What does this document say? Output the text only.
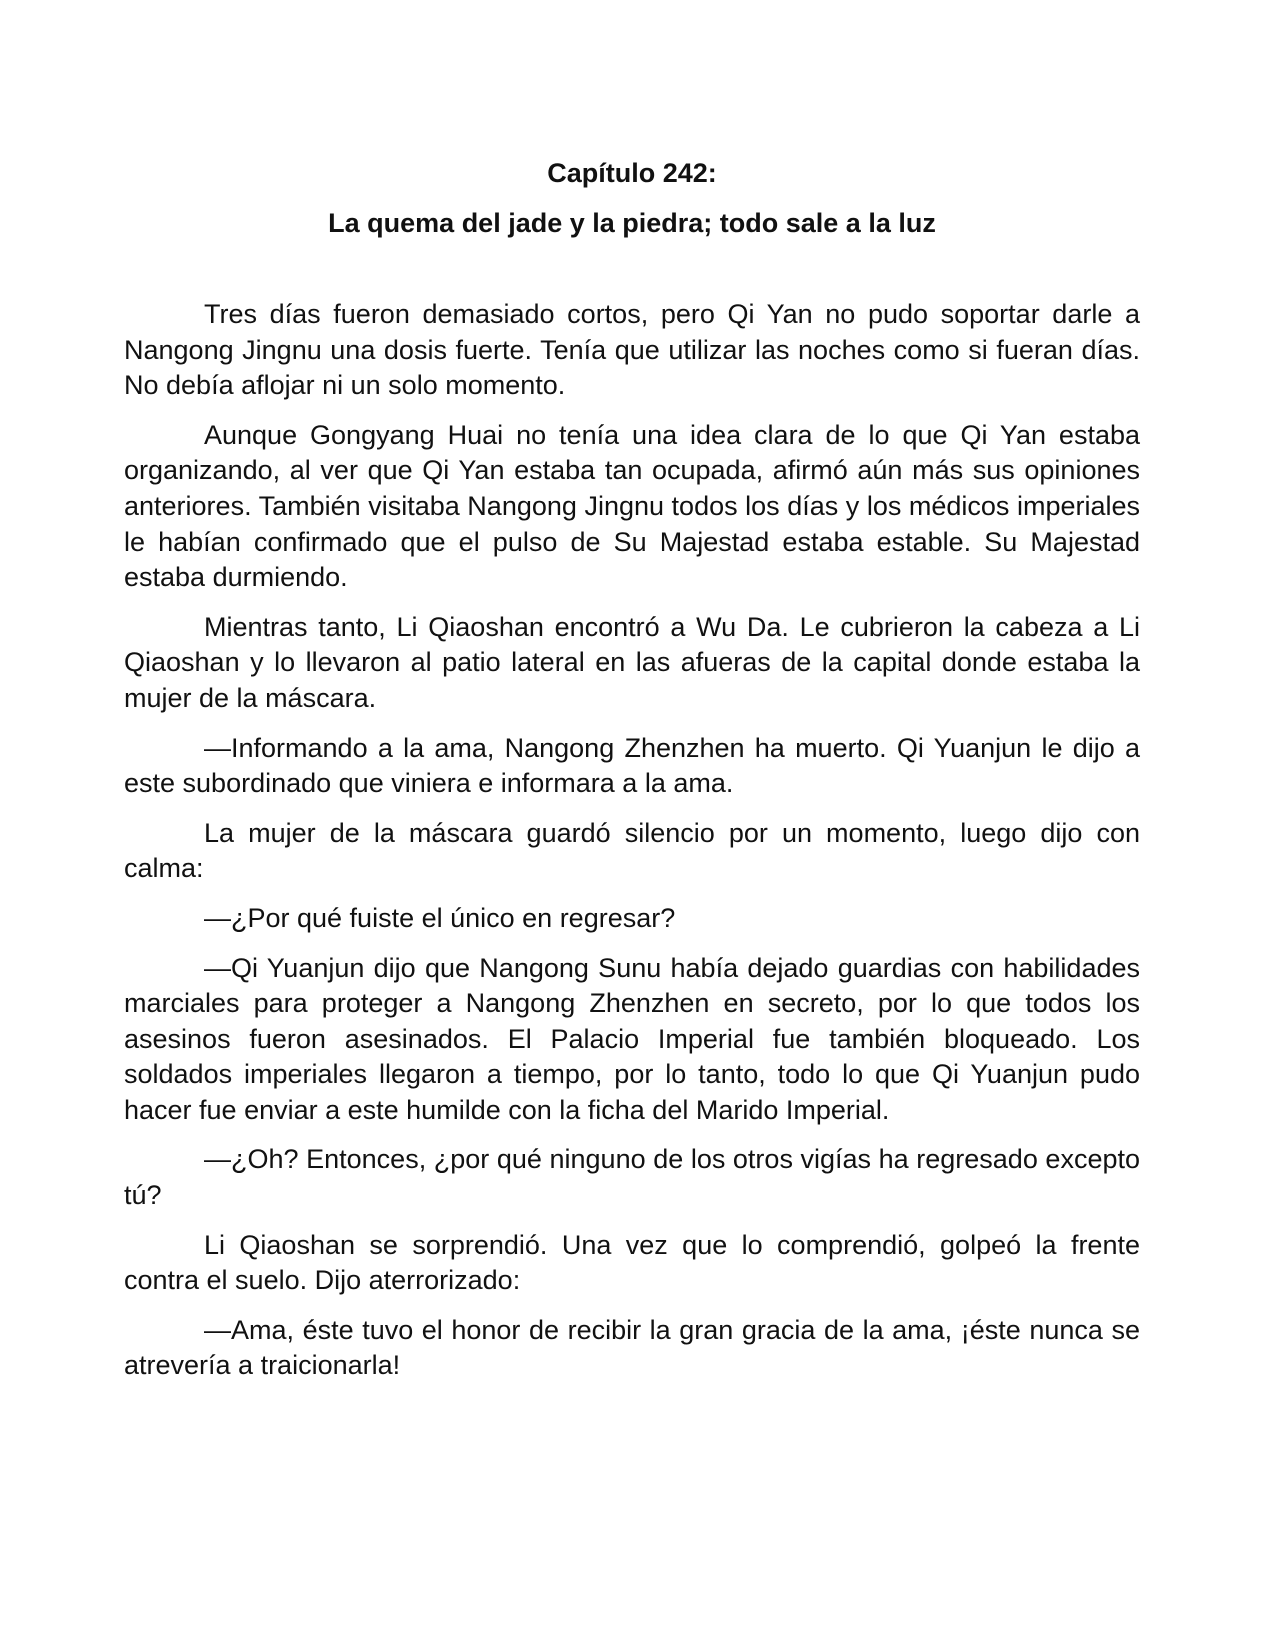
Capítulo 242:
La quema del jade y la piedra; todo sale a la luz

Tres días fueron demasiado cortos, pero Qi Yan no pudo soportar darle a Nangong Jingnu una dosis fuerte. Tenía que utilizar las noches como si fueran días. No debía aflojar ni un solo momento.

Aunque Gongyang Huai no tenía una idea clara de lo que Qi Yan estaba organizando, al ver que Qi Yan estaba tan ocupada, afirmó aún más sus opiniones anteriores. También visitaba Nangong Jingnu todos los días y los médicos imperiales le habían confirmado que el pulso de Su Majestad estaba estable. Su Majestad estaba durmiendo.

Mientras tanto, Li Qiaoshan encontró a Wu Da. Le cubrieron la cabeza a Li Qiaoshan y lo llevaron al patio lateral en las afueras de la capital donde estaba la mujer de la máscara.

—Informando a la ama, Nangong Zhenzhen ha muerto. Qi Yuanjun le dijo a este subordinado que viniera e informara a la ama.

La mujer de la máscara guardó silencio por un momento, luego dijo con calma:

—¿Por qué fuiste el único en regresar?

—Qi Yuanjun dijo que Nangong Sunu había dejado guardias con habilidades marciales para proteger a Nangong Zhenzhen en secreto, por lo que todos los asesinos fueron asesinados. El Palacio Imperial fue también bloqueado. Los soldados imperiales llegaron a tiempo, por lo tanto, todo lo que Qi Yuanjun pudo hacer fue enviar a este humilde con la ficha del Marido Imperial.

—¿Oh? Entonces, ¿por qué ninguno de los otros vigías ha regresado excepto tú?

Li Qiaoshan se sorprendió. Una vez que lo comprendió, golpeó la frente contra el suelo. Dijo aterrorizado:

—Ama, éste tuvo el honor de recibir la gran gracia de la ama, ¡éste nunca se atrevería a traicionarla!
